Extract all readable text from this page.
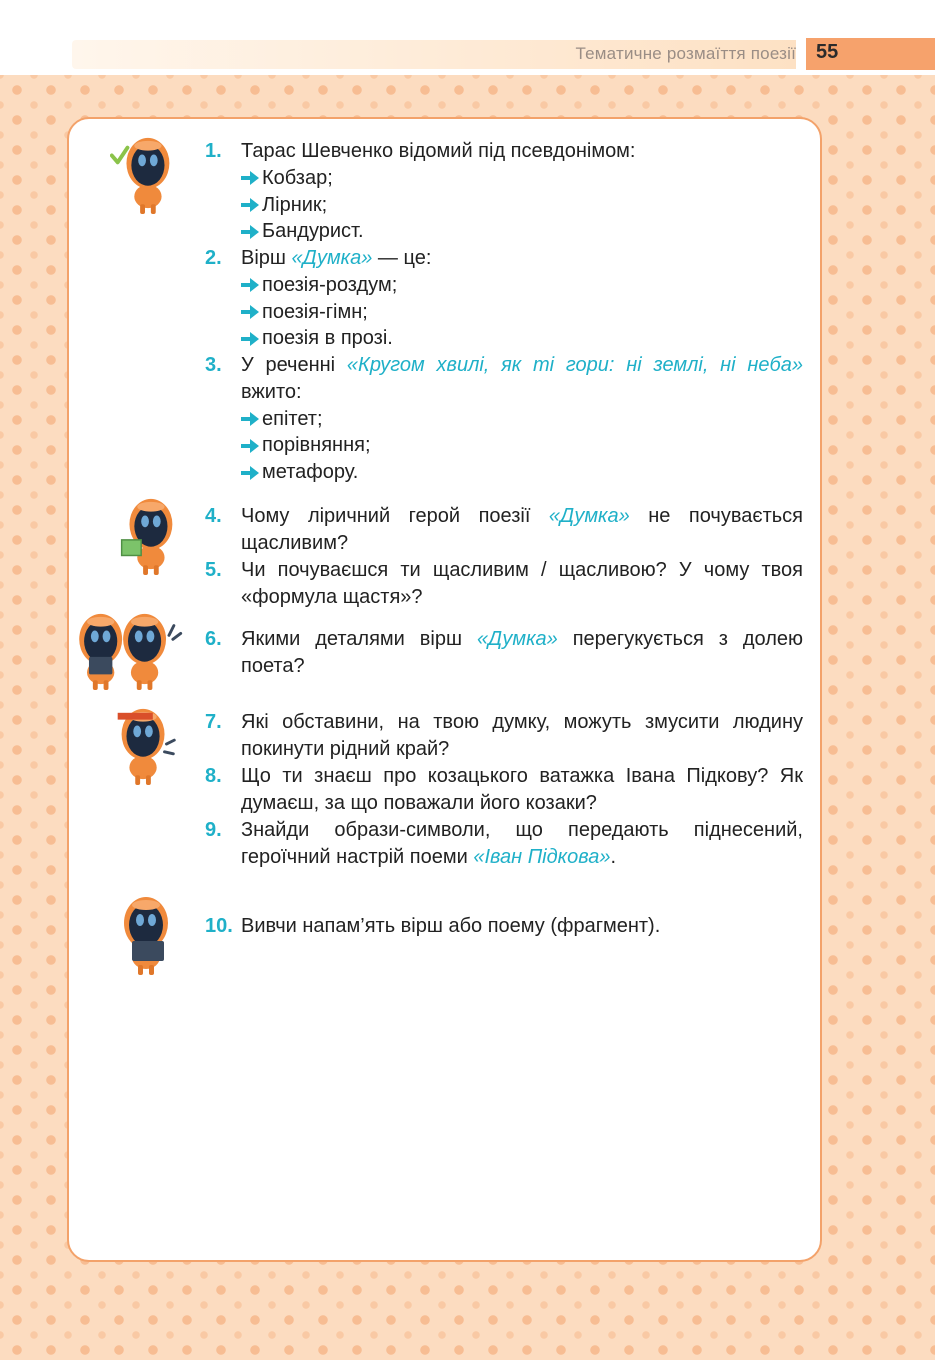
Тематичне розмаїття поезії 55
1. Тарас Шевченко відомий під псевдонімом:
Кобзар;
Лірник;
Бандурист.
2. Вірш «Думка» — це:
поезія-роздум;
поезія-гімн;
поезія в прозі.
3. У реченні «Кругом хвилі, як ті гори: ні землі, ні неба» вжито:
епітет;
порівняння;
метафору.
4. Чому ліричний герой поезії «Думка» не почувається щасливим?
5. Чи почуваєшся ти щасливим / щасливою? У чому твоя «формула щастя»?
6. Якими деталями вірш «Думка» перегукується з долею поета?
7. Які обставини, на твою думку, можуть змусити людину покинути рідний край?
8. Що ти знаєш про козацького ватажка Івана Підкову? Як думаєш, за що поважали його козаки?
9. Знайди образи-символи, що передають піднесений, героїчний настрій поеми «Іван Підкова».
10. Вивчи напам’ять вірш або поему (фрагмент).
